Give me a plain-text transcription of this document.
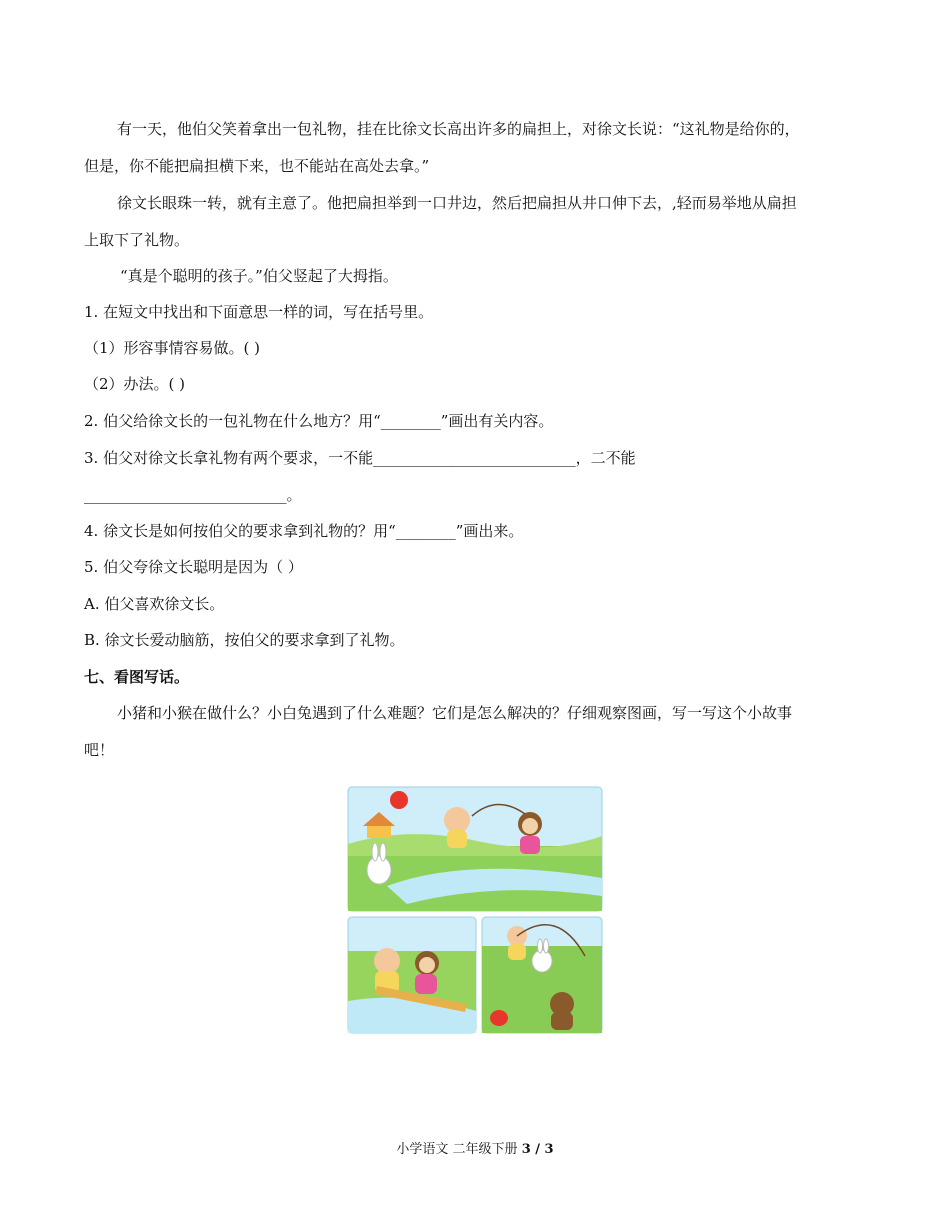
有一天，他伯父笑着拿出一包礼物，挂在比徐文长高出许多的扁担上，对徐文长说：“这礼物是给你的，
但是，你不能把扁担横下来，也不能站在高处去拿。”
徐文长眼珠一转，就有主意了。他把扁担举到一口井边，然后把扁担从井口伸下去，,轻而易举地从扁担
上取下了礼物。
“真是个聪明的孩子。”伯父竖起了大拇指。
1. 在短文中找出和下面意思一样的词，写在括号里。
（1）形容事情容易做。( )
（2）办法。( )
2. 伯父给徐文长的一包礼物在什么地方？用“________”画出有关内容。
3. 伯父对徐文长拿礼物有两个要求，一不能___________________________，二不能
___________________________。
4. 徐文长是如何按伯父的要求拿到礼物的？用“________”画出来。
5. 伯父夸徐文长聪明是因为（ ）
A. 伯父喜欢徐文长。
B. 徐文长爱动脑筋，按伯父的要求拿到了礼物。
七、看图写话。
小猪和小猴在做什么？小白兔遇到了什么难题？它们是怎么解决的？仔细观察图画，写一写这个小故事
吧！
小学语文 二年级下册 3 / 3
